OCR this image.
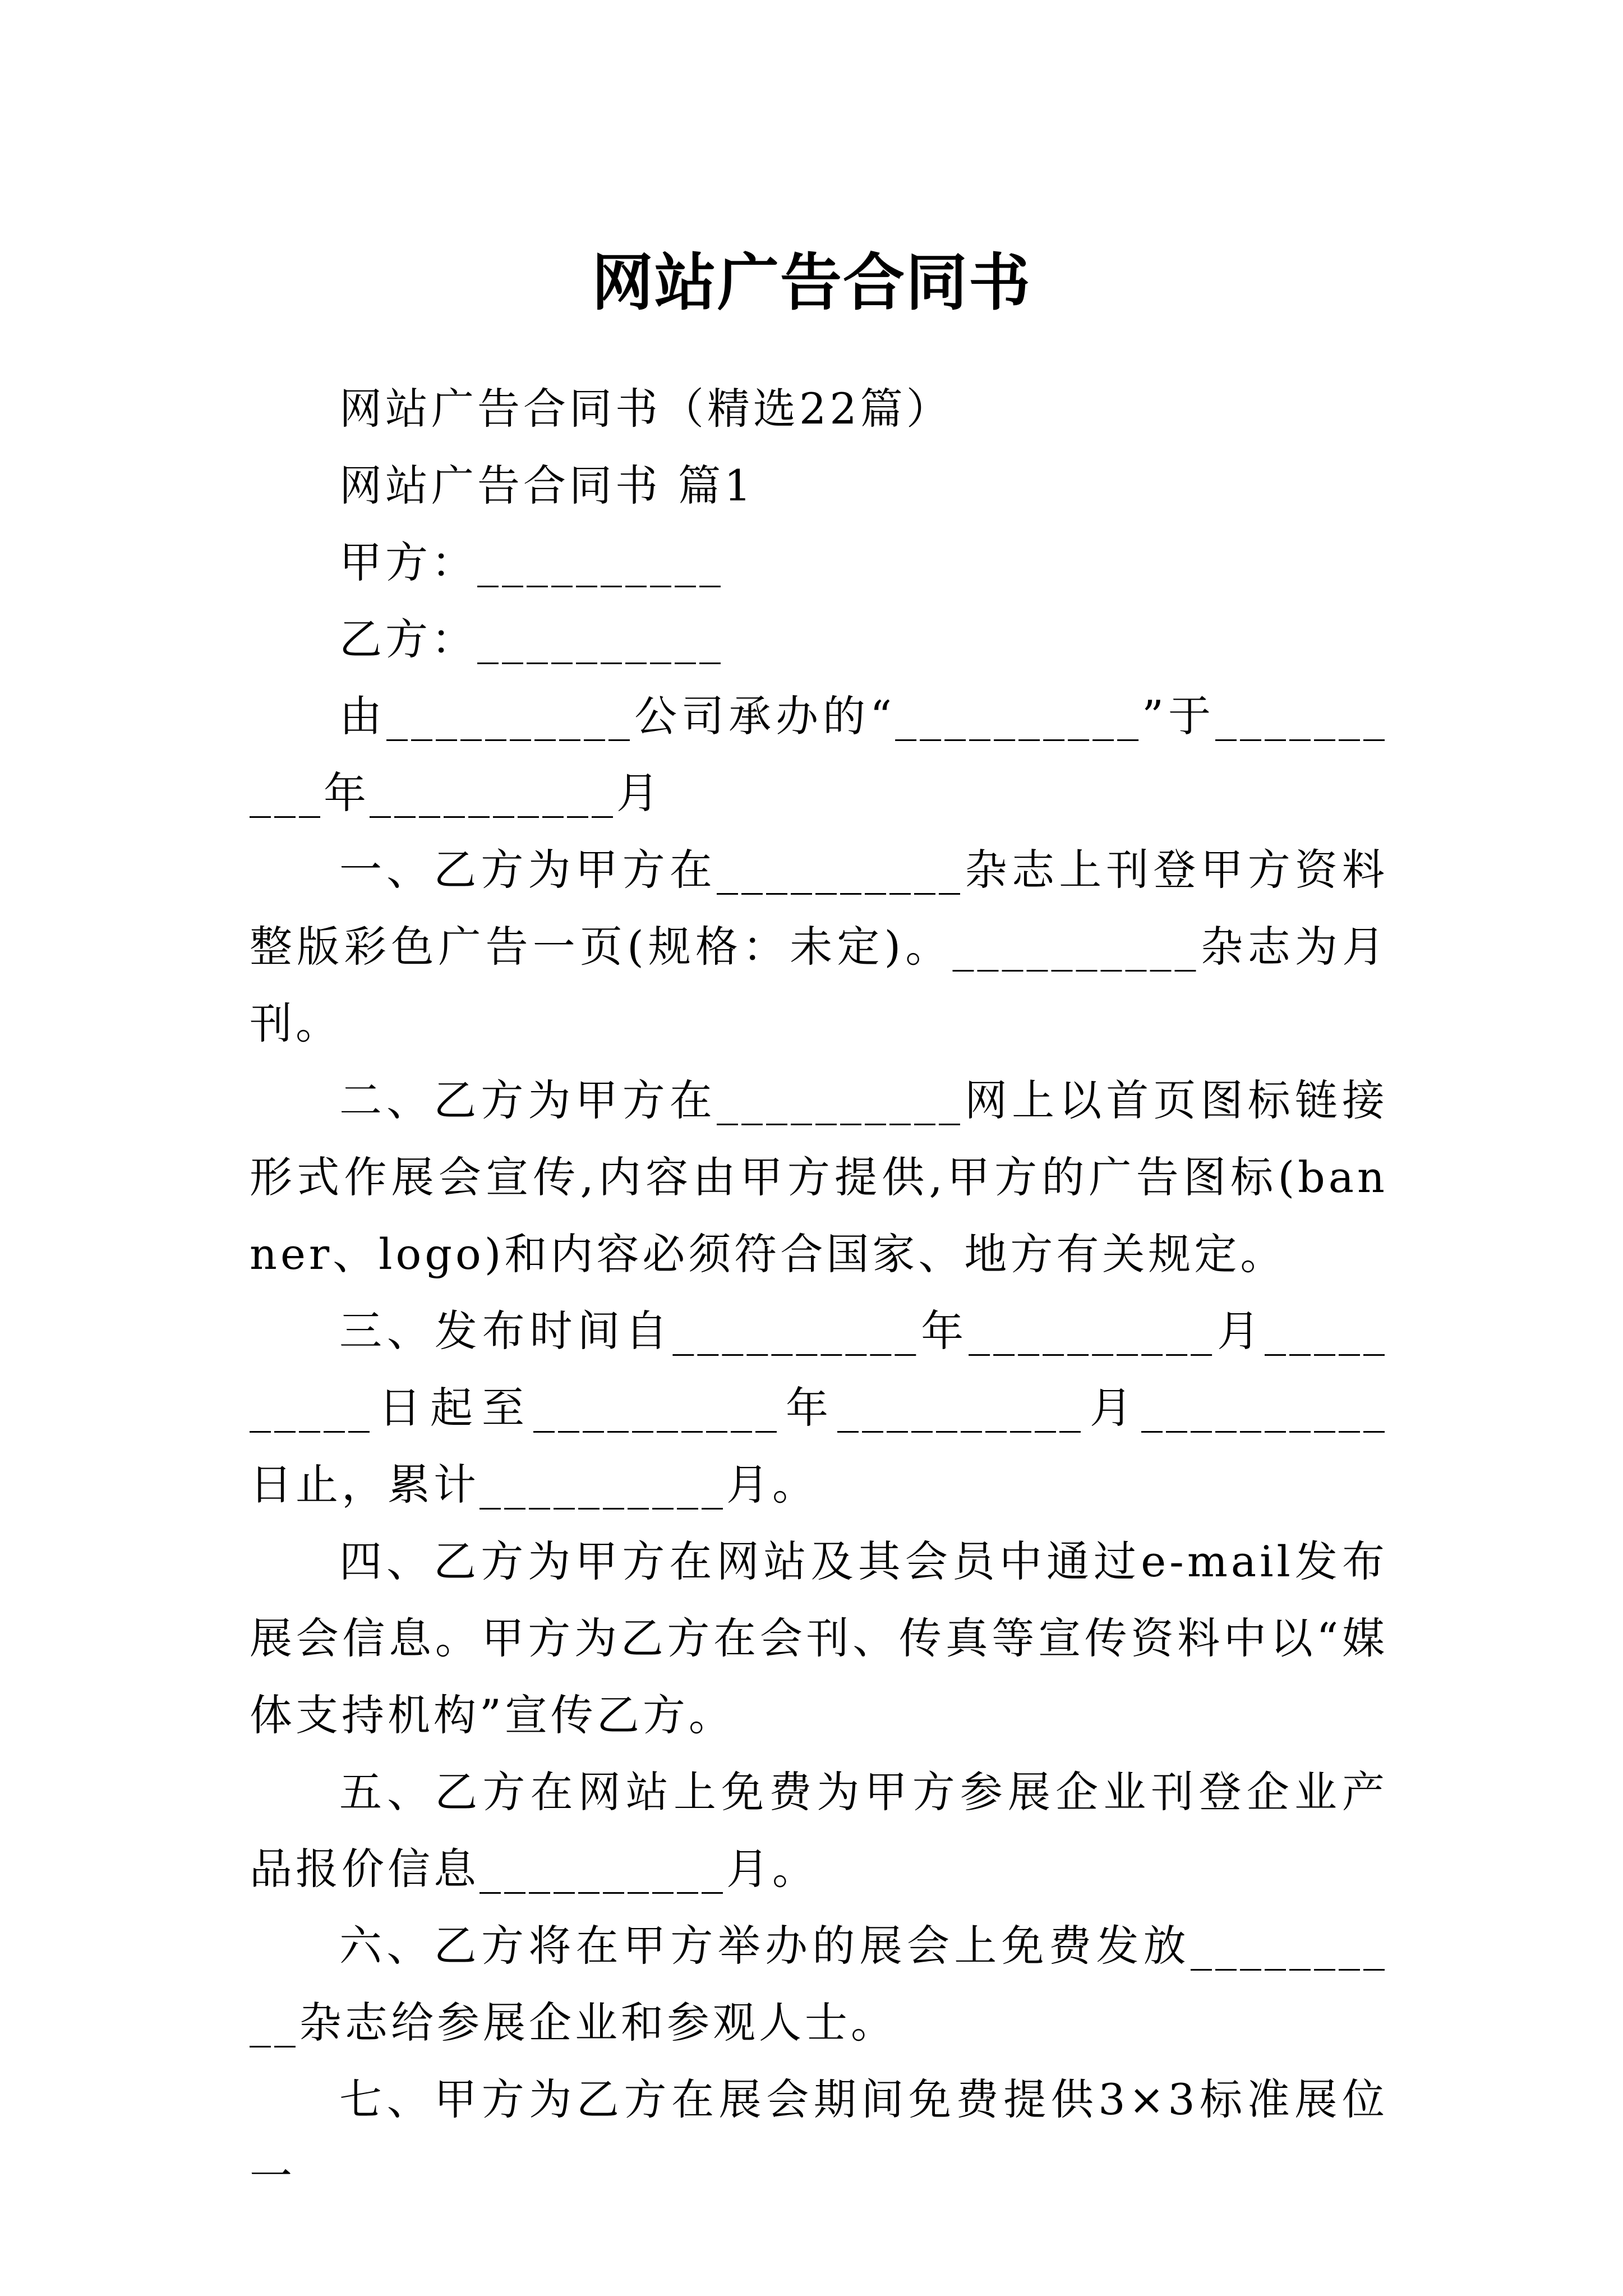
网站广告合同书

网站广告合同书（精选22篇）

网站广告合同书 篇1

甲方：__________

乙方：__________

由__________公司承办的“__________”于__________年__________月

一、乙方为甲方在__________杂志上刊登甲方资料整版彩色广告一页(规格：未定)。__________杂志为月刊。

二、乙方为甲方在__________网上以首页图标链接形式作展会宣传,内容由甲方提供,甲方的广告图标(banner、logo)和内容必须符合国家、地方有关规定。

三、发布时间自__________年__________月__________日起至__________年__________月__________日止，累计__________月。

四、乙方为甲方在网站及其会员中通过e-mail发布展会信息。甲方为乙方在会刊、传真等宣传资料中以“媒体支持机构”宣传乙方。

五、乙方在网站上免费为甲方参展企业刊登企业产品报价信息__________月。

六、乙方将在甲方举办的展会上免费发放__________杂志给参展企业和参观人士。

七、甲方为乙方在展会期间免费提供3×3标准展位一
